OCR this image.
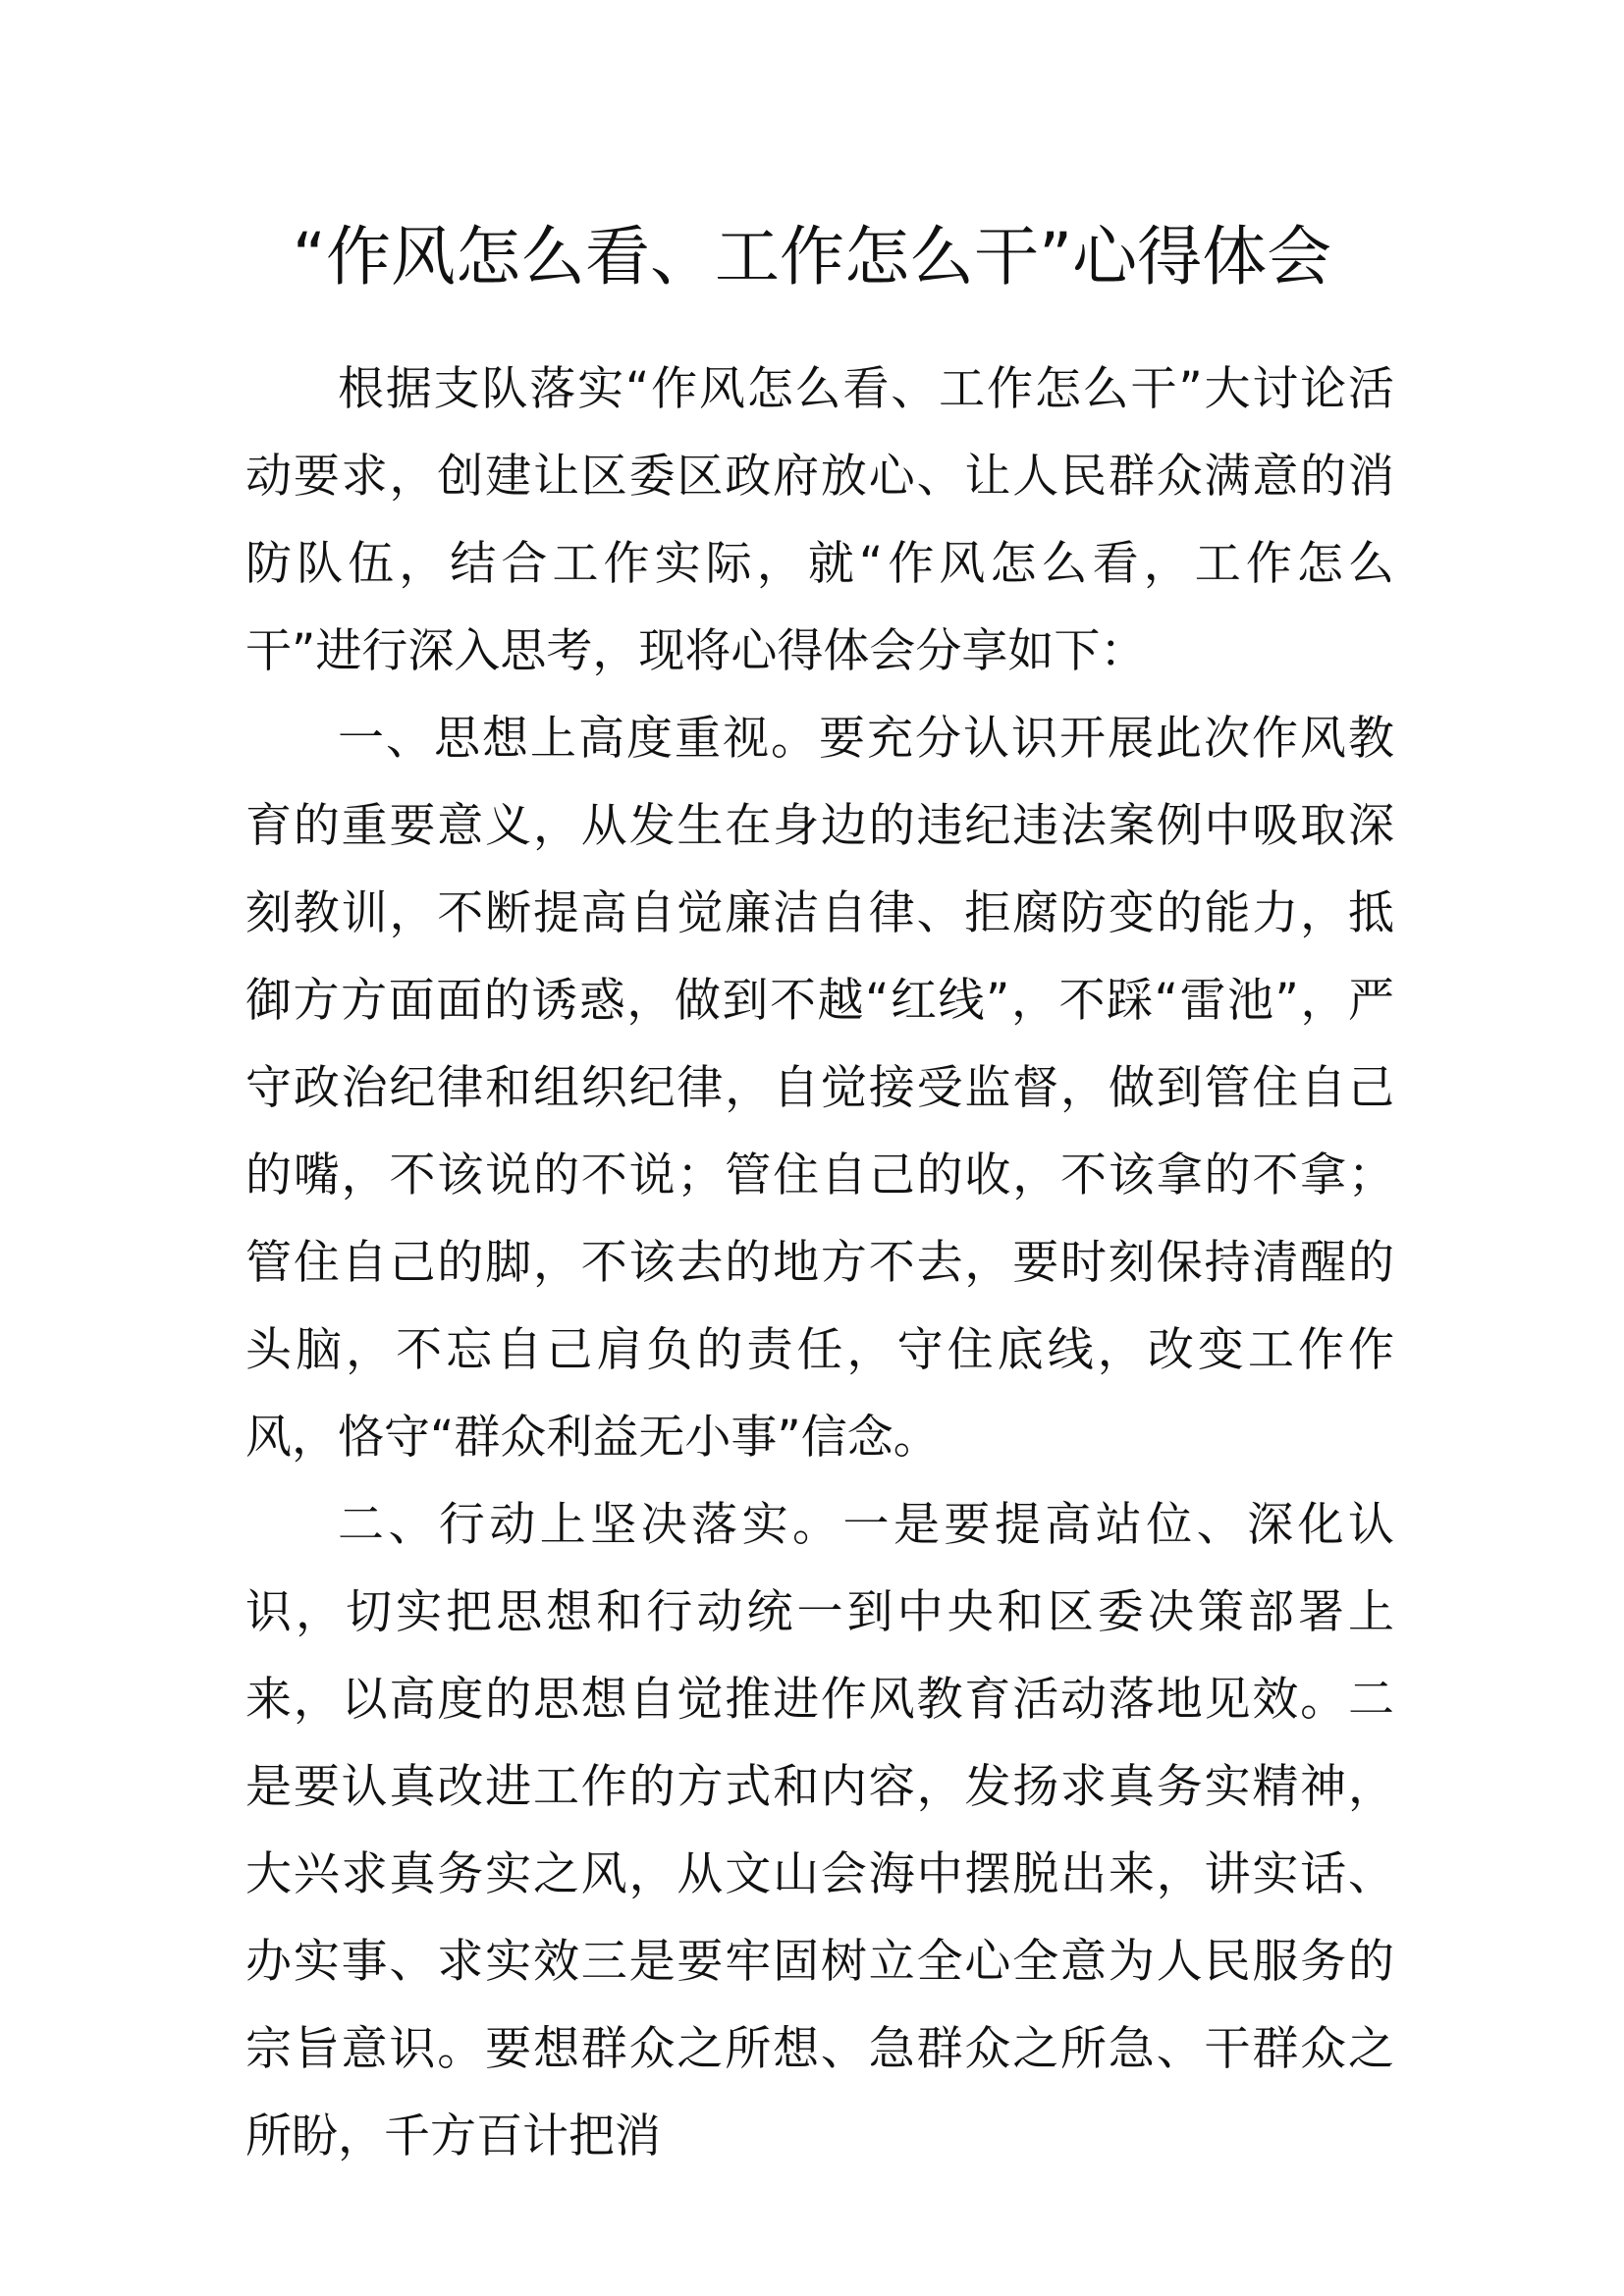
“作风怎么看、工作怎么干”心得体会

根据支队落实“作风怎么看、工作怎么干”大讨论活动要求，创建让区委区政府放心、让人民群众满意的消防队伍，结合工作实际，就“作风怎么看，工作怎么干”进行深入思考，现将心得体会分享如下：

一、思想上高度重视。要充分认识开展此次作风教育的重要意义，从发生在身边的违纪违法案例中吸取深刻教训，不断提高自觉廉洁自律、拒腐防变的能力，抵御方方面面的诱惑，做到不越“红线”，不踩“雷池”，严守政治纪律和组织纪律，自觉接受监督，做到管住自己的嘴，不该说的不说；管住自己的收，不该拿的不拿；管住自己的脚，不该去的地方不去，要时刻保持清醒的头脑，不忘自己肩负的责任，守住底线，改变工作作风，恪守“群众利益无小事”信念。

二、行动上坚决落实。一是要提高站位、深化认识，切实把思想和行动统一到中央和区委决策部署上来，以高度的思想自觉推进作风教育活动落地见效。二是要认真改进工作的方式和内容，发扬求真务实精神，大兴求真务实之风，从文山会海中摆脱出来，讲实话、办实事、求实效三是要牢固树立全心全意为人民服务的宗旨意识。要想群众之所想、急群众之所急、干群众之所盼，千方百计把消
